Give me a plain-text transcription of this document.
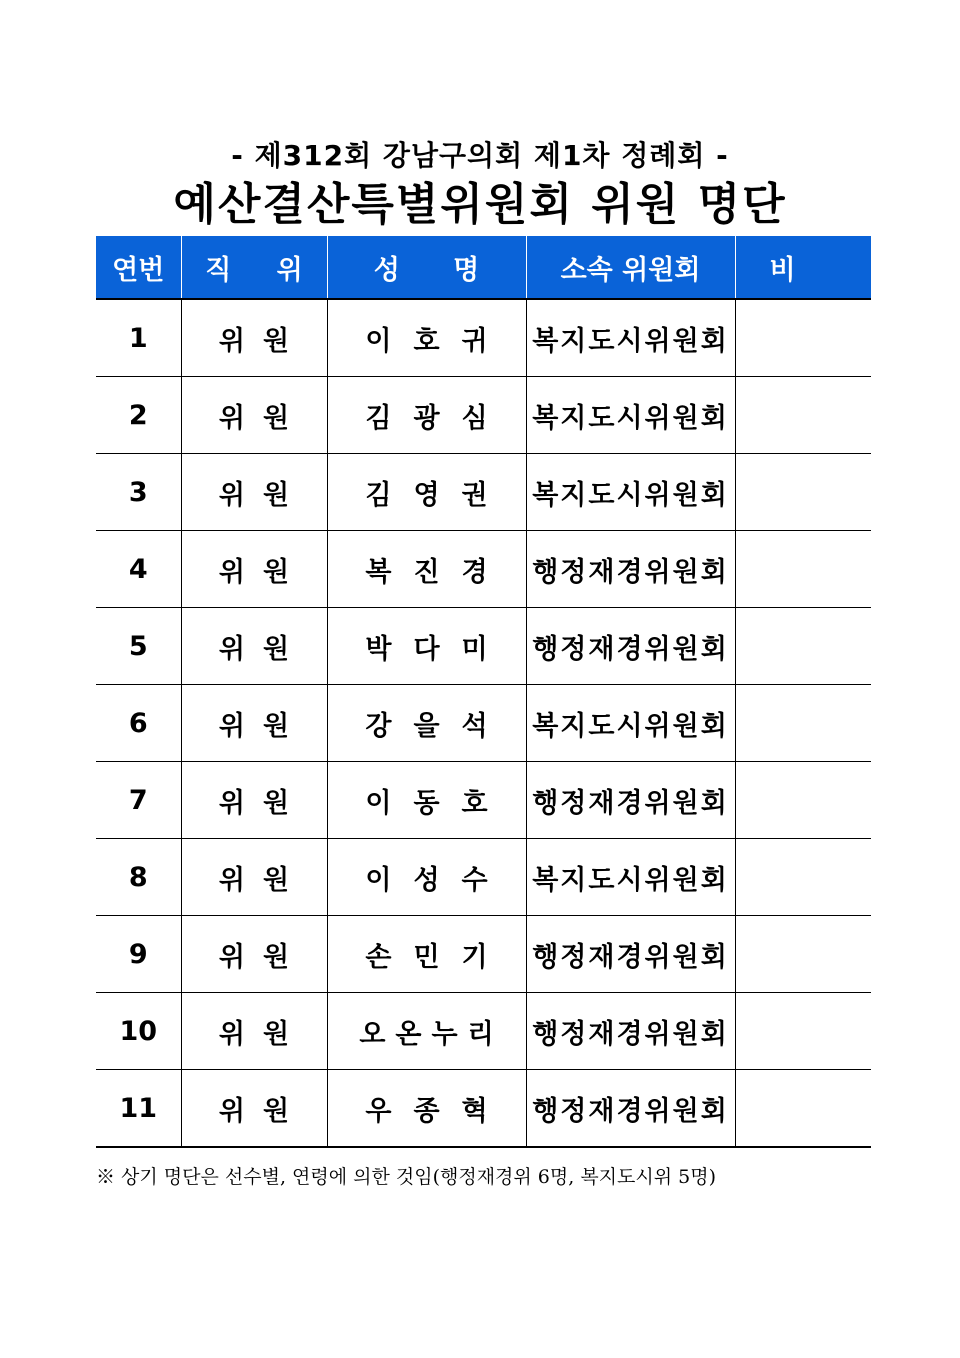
- 제312회 강남구의회 제1차 정례회 -
예산결산특별위원회 위원 명단
연번	직 위	성 명	소속 위원회	비 고
1	위원	이호귀	복지도시위원회	
2	위원	김광심	복지도시위원회	
3	위원	김영권	복지도시위원회	
4	위원	복진경	행정재경위원회	
5	위원	박다미	행정재경위원회	
6	위원	강을석	복지도시위원회	
7	위원	이동호	행정재경위원회	
8	위원	이성수	복지도시위원회	
9	위원	손민기	행정재경위원회	
10	위원	오온누리	행정재경위원회	
11	위원	우종혁	행정재경위원회	
※ 상기 명단은 선수별, 연령에 의한 것임(행정재경위 6명, 복지도시위 5명)
